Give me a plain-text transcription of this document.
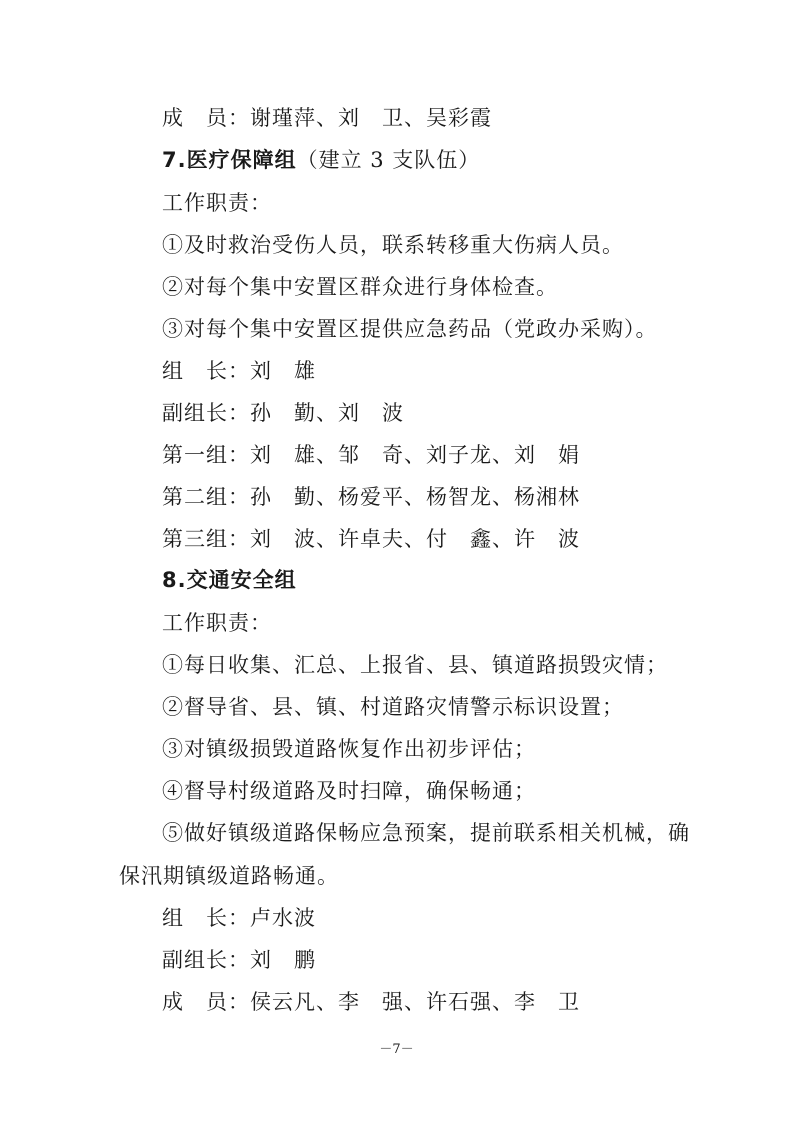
成　员：谢瑾萍、刘　卫、吴彩霞
7.医疗保障组（建立 3 支队伍）
工作职责：
①及时救治受伤人员，联系转移重大伤病人员。
②对每个集中安置区群众进行身体检查。
③对每个集中安置区提供应急药品（党政办采购）。
组　长：刘　雄
副组长：孙　勤、刘　波
第一组：刘　雄、邹　奇、刘子龙、刘　娟
第二组：孙　勤、杨爱平、杨智龙、杨湘林
第三组：刘　波、许卓夫、付　鑫、许　波
8.交通安全组
工作职责：
①每日收集、汇总、上报省、县、镇道路损毁灾情；
②督导省、县、镇、村道路灾情警示标识设置；
③对镇级损毁道路恢复作出初步评估；
④督导村级道路及时扫障，确保畅通；
⑤做好镇级道路保畅应急预案，提前联系相关机械，确
保汛期镇级道路畅通。
组　长：卢水波
副组长：刘　鹏
成　员：侯云凡、李　强、许石强、李　卫
－7－
